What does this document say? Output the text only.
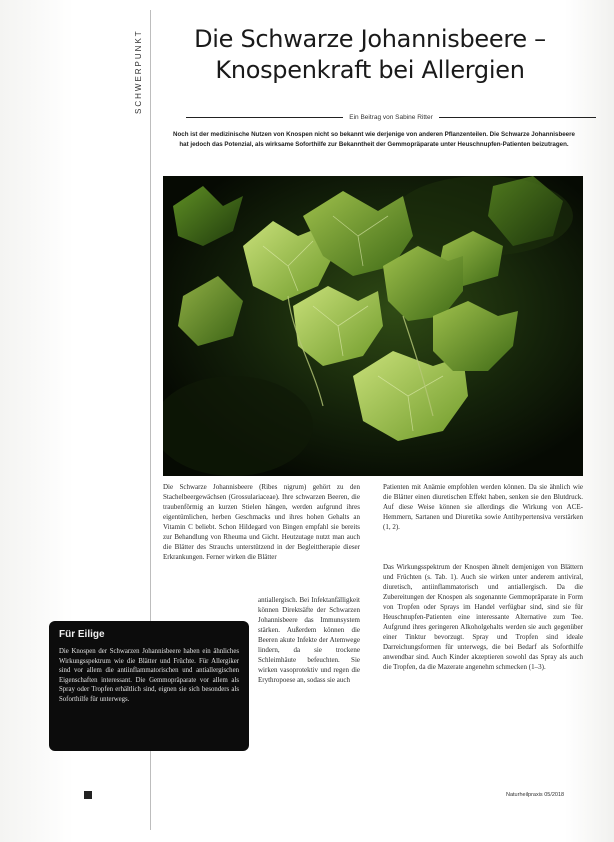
SCHWERPUNKT	Die Schwarze Johannisbeere –
Knospenkraft bei Allergien
Ein Beitrag von Sabine Ritter
Noch ist der medizinische Nutzen von Knospen nicht so bekannt wie derjenige von anderen Pflanzenteilen. Die Schwarze Johannisbeere hat jedoch das Potenzial, als wirksame Soforthilfe zur Bekanntheit der Gemmopräparate unter Heuschnupfen-Patienten beizutragen.

Die Schwarze Johannisbeere (Ribes nigrum) gehört zu den Stachelbeergewächsen (Grossulariaceae). Ihre schwarzen Beeren, die traubenförmig an kurzen Stielen hängen, werden aufgrund ihres eigentümlichen, herben Geschmacks und ihres hohen Gehalts an Vitamin C beliebt. Schon Hildegard von Bingen empfahl sie bereits zur Behandlung von Rheuma und Gicht. Heutzutage nutzt man auch die Blätter des Strauchs unterstützend in der Begleittherapie dieser Erkrankungen. Ferner wirken die Blätter

antiallergisch. Bei Infektanfälligkeit können Direktsäfte der Schwarzen Johannisbeere das Immunsystem stärken. Außerdem können die Beeren akute Infekte der Atemwege lindern, da sie trockene Schleimhäute befeuchten. Sie wirken vasoprotektiv und regen die Erythropoese an, sodass sie auch

Patienten mit Anämie empfohlen werden können. Da sie ähnlich wie die Blätter einen diuretischen Effekt haben, senken sie den Blutdruck. Auf diese Weise können sie allerdings die Wirkung von ACE-Hemmern, Sartanen und Diuretika sowie Antihypertensiva verstärken (1, 2).

Das Wirkungsspektrum der Knospen ähnelt demjenigen von Blättern und Früchten (s. Tab. 1). Auch sie wirken unter anderem antiviral, diuretisch, antiinflammatorisch und antiallergisch. Da die Zubereitungen der Knospen als sogenannte Gemmopräparate in Form von Tropfen oder Sprays im Handel verfügbar sind, sind sie für Heuschnupfen-Patienten eine interessante Alternative zum Tee. Aufgrund ihres geringeren Alkoholgehalts werden sie auch gegenüber einer Tinktur bevorzugt. Spray und Tropfen sind ideale Darreichungsformen für unterwegs, die bei Bedarf als Soforthilfe anwendbar sind. Auch Kinder akzeptieren sowohl das Spray als auch die Tropfen, da die Mazerate angenehm schmecken (1–3).

Für Eilige
Die Knospen der Schwarzen Johannisbeere haben ein ähnliches Wirkungsspektrum wie die Blätter und Früchte. Für Allergiker sind vor allem die antiinflammatorischen und antiallergischen Eigenschaften interessant. Die Gemmopräparate vor allem als Spray oder Tropfen erhältlich sind, eignen sie sich besonders als Soforthilfe für unterwegs.
Naturheilpraxis 05/2018
